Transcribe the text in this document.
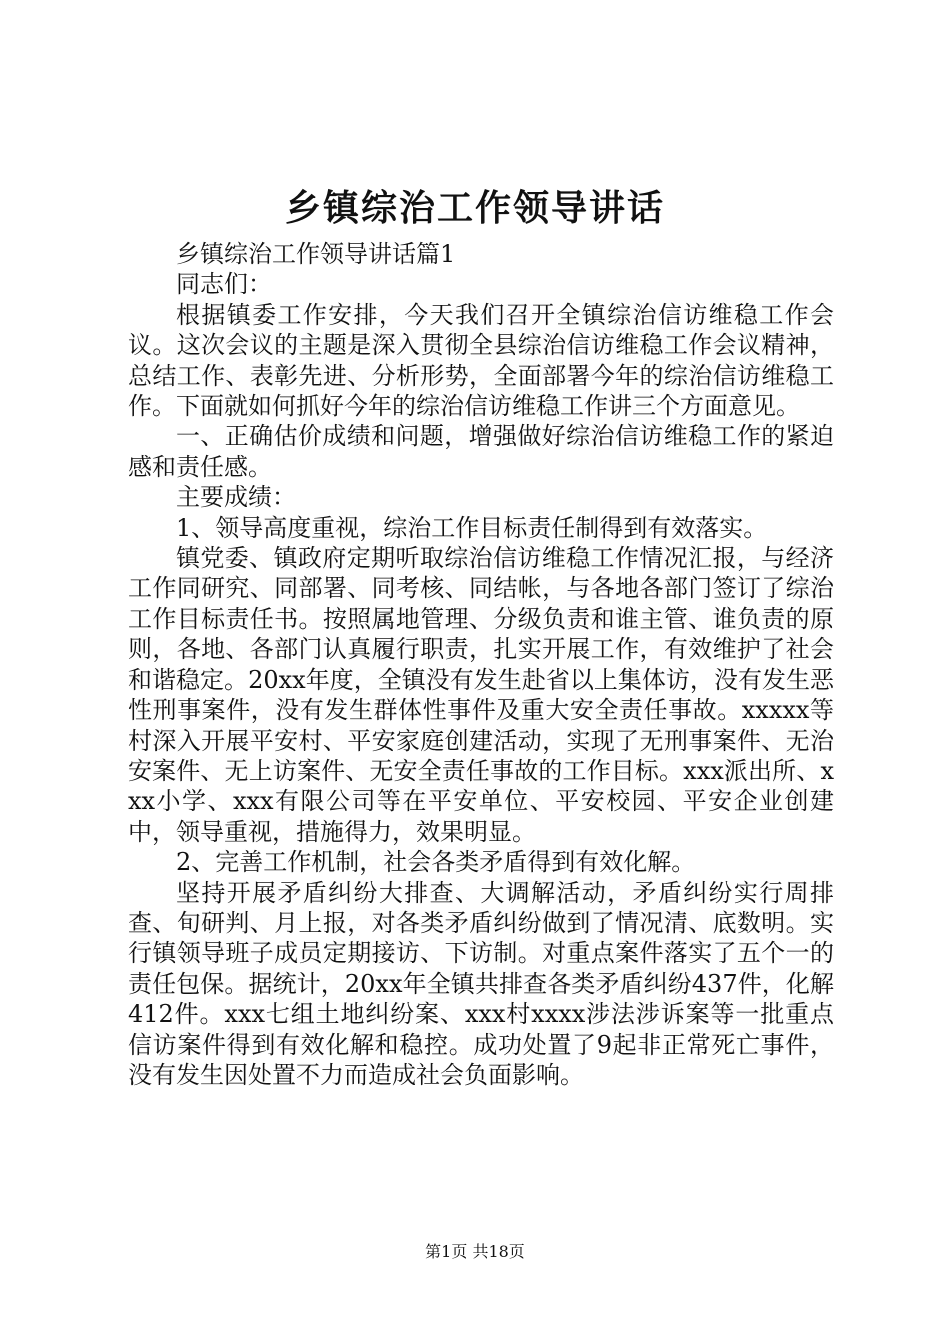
乡镇综治工作领导讲话

乡镇综治工作领导讲话篇1

同志们：

根据镇委工作安排，今天我们召开全镇综治信访维稳工作会议。这次会议的主题是深入贯彻全县综治信访维稳工作会议精神，总结工作、表彰先进、分析形势，全面部署今年的综治信访维稳工作。下面就如何抓好今年的综治信访维稳工作讲三个方面意见。

一、正确估价成绩和问题，增强做好综治信访维稳工作的紧迫感和责任感。

主要成绩：

1、领导高度重视，综治工作目标责任制得到有效落实。

镇党委、镇政府定期听取综治信访维稳工作情况汇报，与经济工作同研究、同部署、同考核、同结帐，与各地各部门签订了综治工作目标责任书。按照属地管理、分级负责和谁主管、谁负责的原则，各地、各部门认真履行职责，扎实开展工作，有效维护了社会和谐稳定。20xx年度，全镇没有发生赴省以上集体访，没有发生恶性刑事案件，没有发生群体性事件及重大安全责任事故。xxxxx等村深入开展平安村、平安家庭创建活动，实现了无刑事案件、无治安案件、无上访案件、无安全责任事故的工作目标。xxx派出所、xxx小学、xxx有限公司等在平安单位、平安校园、平安企业创建中，领导重视，措施得力，效果明显。

2、完善工作机制，社会各类矛盾得到有效化解。

坚持开展矛盾纠纷大排查、大调解活动，矛盾纠纷实行周排查、旬研判、月上报，对各类矛盾纠纷做到了情况清、底数明。实行镇领导班子成员定期接访、下访制。对重点案件落实了五个一的责任包保。据统计，20xx年全镇共排查各类矛盾纠纷437件，化解412件。xxx七组土地纠纷案、xxx村xxxx涉法涉诉案等一批重点信访案件得到有效化解和稳控。成功处置了9起非正常死亡事件，没有发生因处置不力而造成社会负面影响。

第1页 共18页
